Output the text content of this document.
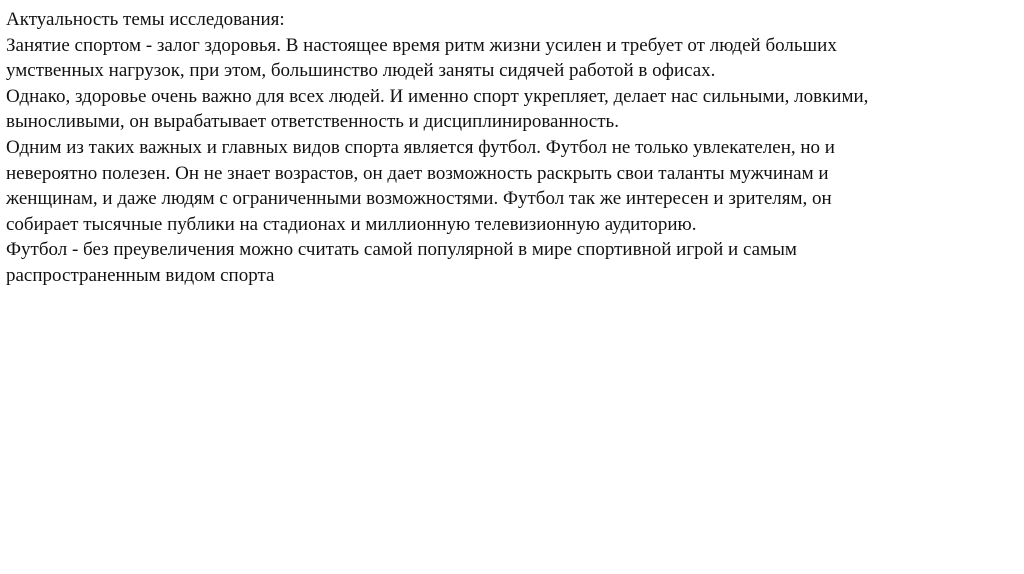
Актуальность темы исследования:
Занятие спортом - залог здоровья. В настоящее время ритм жизни усилен и требует от людей больших
умственных нагрузок, при этом, большинство людей заняты сидячей работой в офисах.
Однако, здоровье очень важно для всех людей. И именно спорт укрепляет, делает нас сильными, ловкими,
выносливыми, он вырабатывает ответственность и дисциплинированность.
Одним из таких важных и главных видов спорта является футбол. Футбол не только увлекателен, но и
невероятно полезен. Он не знает возрастов, он дает возможность раскрыть свои таланты мужчинам и
женщинам, и даже людям с ограниченными возможностями. Футбол так же интересен и зрителям, он
собирает тысячные публики на стадионах и миллионную телевизионную аудиторию.
Футбол - без преувеличения можно считать самой популярной в мире спортивной игрой и самым
распространенным видом спорта
